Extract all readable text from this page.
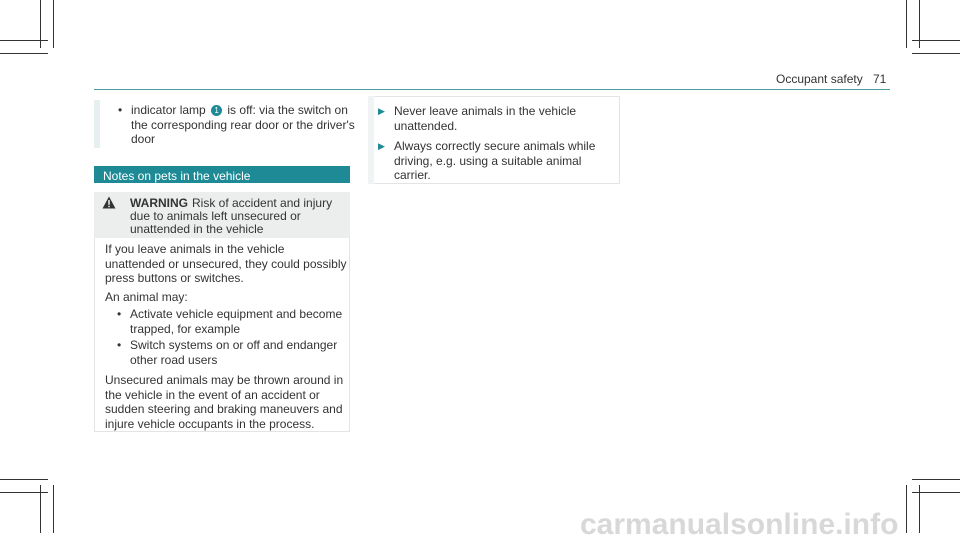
Occupant safety 71
• indicator lamp 1 is off: via the switch on the corresponding rear door or the driver's door
Notes on pets in the vehicle
WARNING Risk of accident and injury due to animals left unsecured or unattended in the vehicle
If you leave animals in the vehicle unattended or unsecured, they could possibly press buttons or switches.
An animal may:
• Activate vehicle equipment and become trapped, for example
• Switch systems on or off and endanger other road users
Unsecured animals may be thrown around in the vehicle in the event of an accident or sudden steering and braking maneuvers and injure vehicle occupants in the process.
▶ Never leave animals in the vehicle unattended.
▶ Always correctly secure animals while driving, e.g. using a suitable animal carrier.
carmanualsonline.info
